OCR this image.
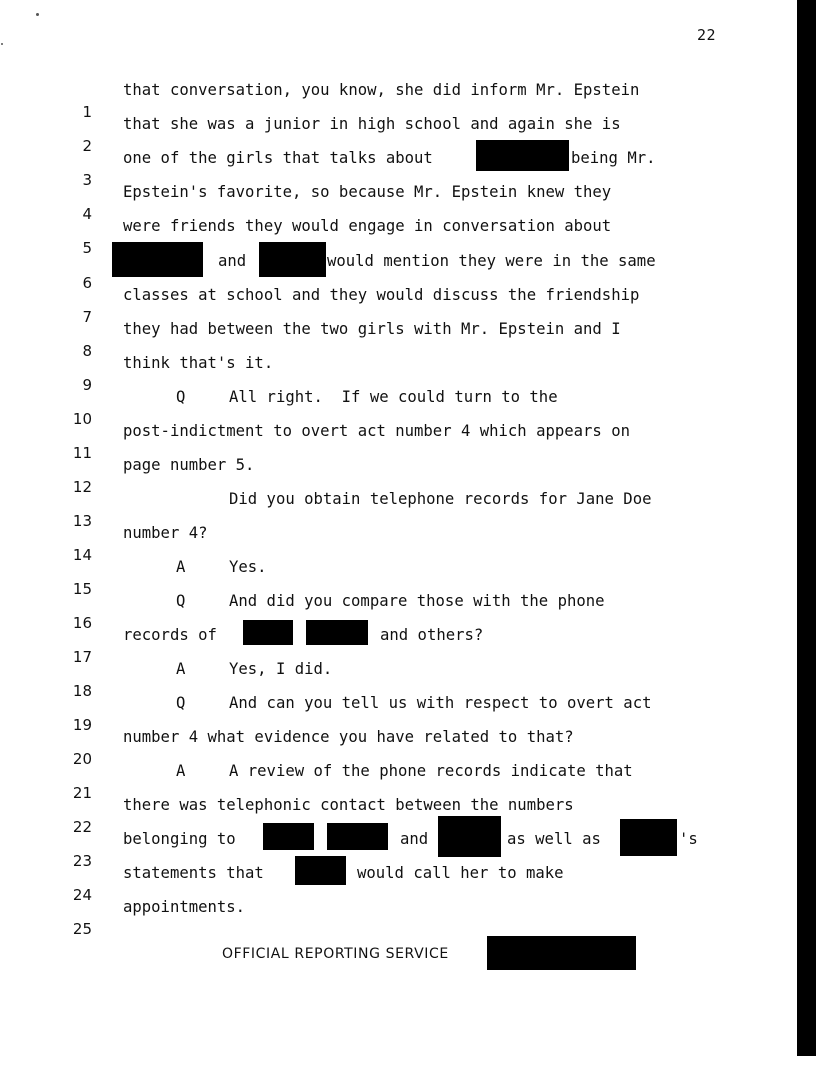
22

1

that conversation, you know, she did inform Mr. Epstein

2

that she was a junior in high school and again she is

3

one of the girls that talks about

	being Mr.

4

Epstein's favorite, so because Mr. Epstein knew they

5

were friends they would engage in conversation about

6

and

	would mention they were in the same

7

classes at school and they would discuss the friendship

8

they had between the two girls with Mr. Epstein and I

9

think that's it.

10

Q

	All right.  If we could turn to the

11

post-indictment to overt act number 4 which appears on

12

page number 5.

13

Did you obtain telephone records for Jane Doe

14

number 4?

15

A

	Yes.

16

Q

	And did you compare those with the phone

17

records of

	and others?

18

A

	Yes, I did.

19

Q

	And can you tell us with respect to overt act

20

number 4 what evidence you have related to that?

21

A

	A review of the phone records indicate that

22

there was telephonic contact between the numbers

23

belonging to

	and

	as well as

	's

24

statements that

	would call her to make

25

appointments.

OFFICIAL REPORTING SERVICE
